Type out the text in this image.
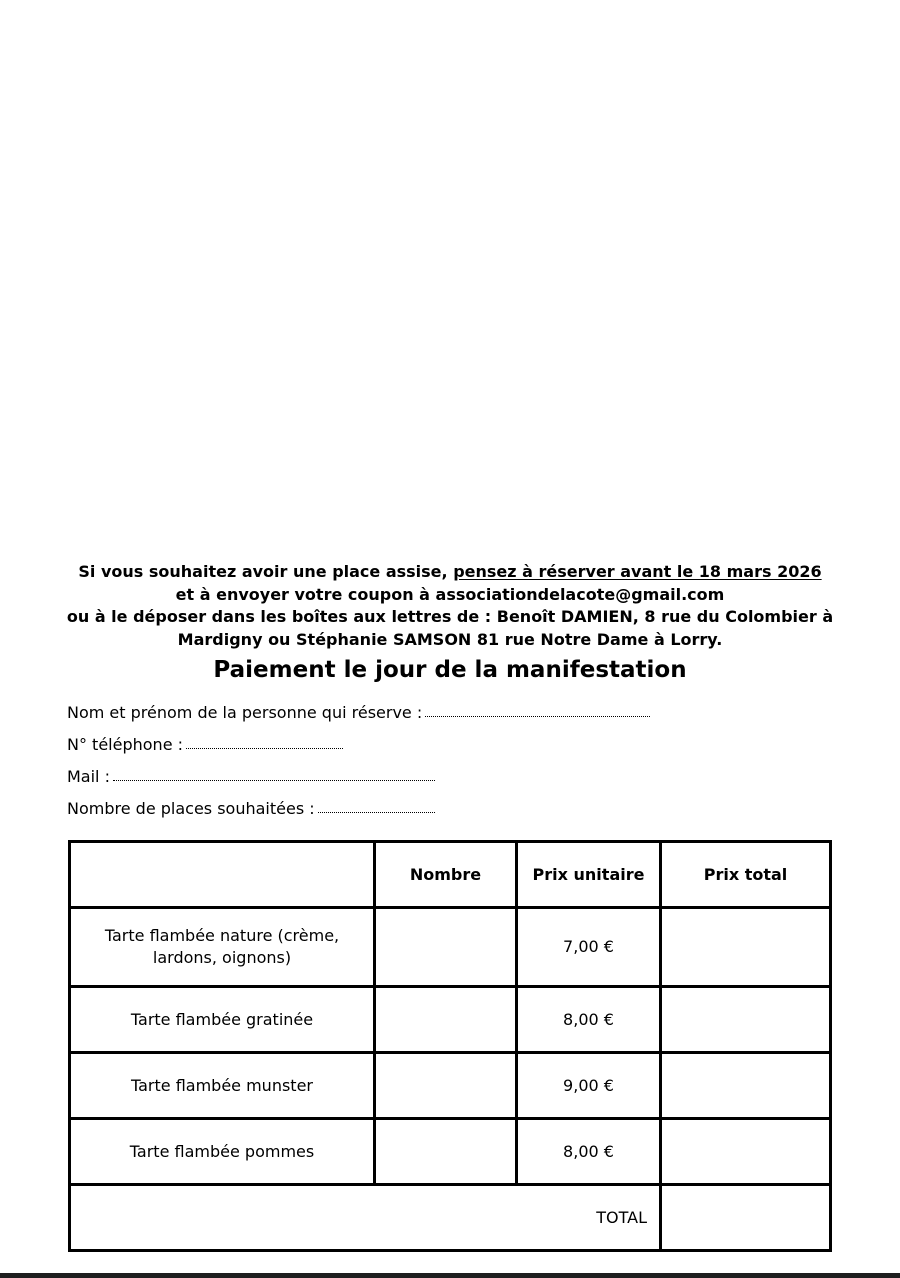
Si vous souhaitez avoir une place assise, pensez à réserver avant le 18 mars 2026
et à envoyer votre coupon à associationdelacote@gmail.com
ou à le déposer dans les boîtes aux lettres de : Benoît DAMIEN, 8 rue du Colombier à
Mardigny ou Stéphanie SAMSON 81 rue Notre Dame à Lorry.
Paiement le jour de la manifestation
Nom et prénom de la personne qui réserve :
N° téléphone :
Mail :
Nombre de places souhaitées :
	Nombre	Prix unitaire	Prix total
Tarte flambée nature (crème, lardons, oignons)		7,00 €	
Tarte flambée gratinée		8,00 €	
Tarte flambée munster		9,00 €	
Tarte flambée pommes		8,00 €	
TOTAL			
